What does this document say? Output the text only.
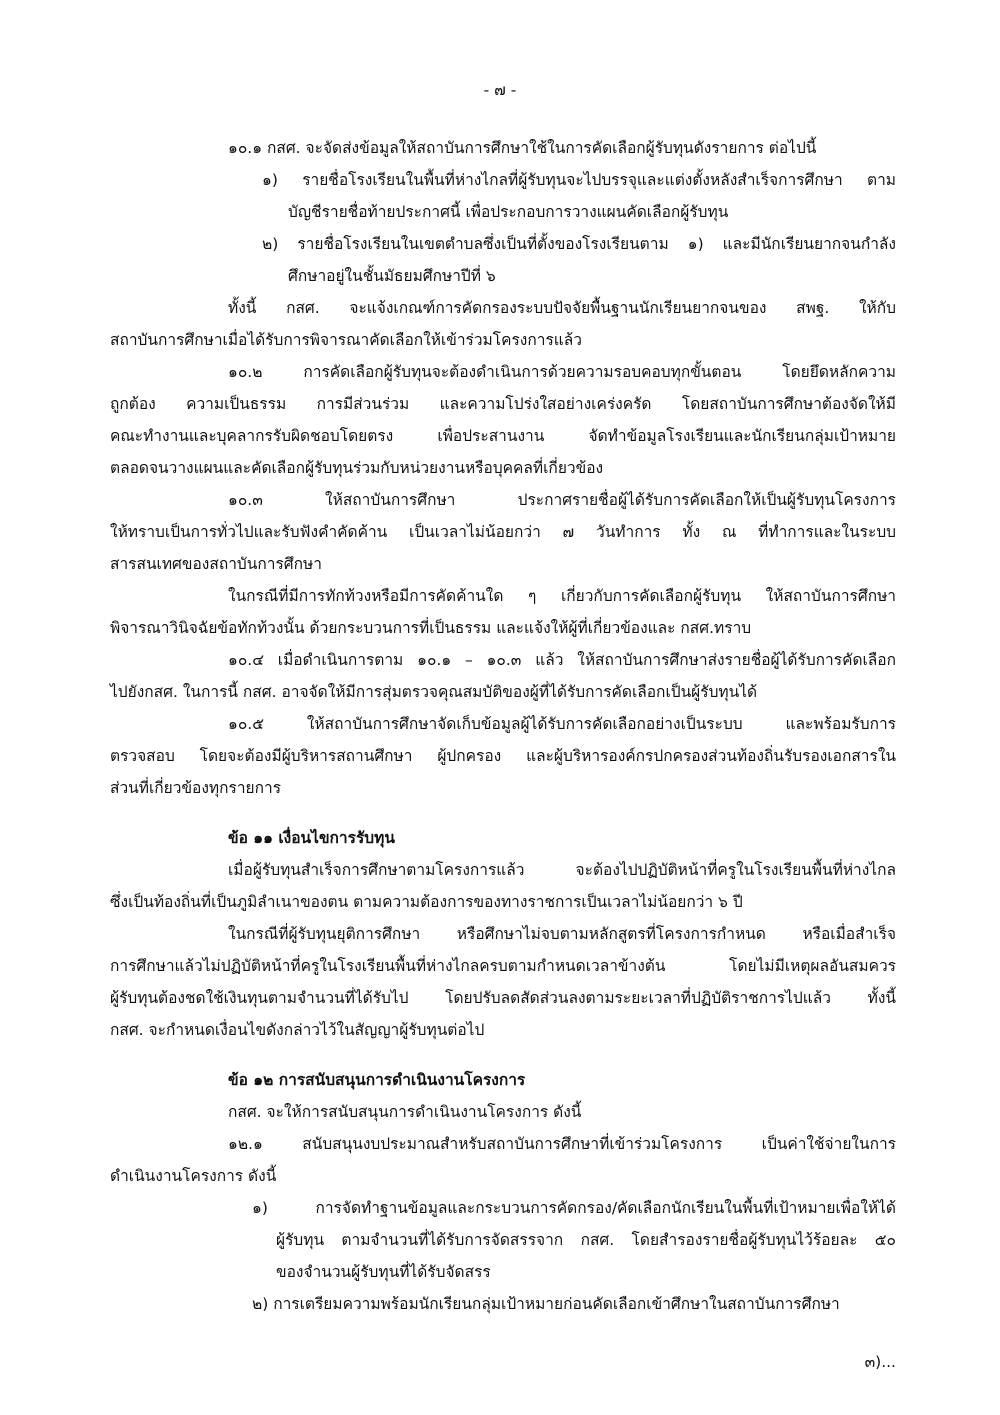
- ๗ -
๑๐.๑ กสศ. จะจัดส่งข้อมูลให้สถาบันการศึกษาใช้ในการคัดเลือกผู้รับทุนดังรายการ ต่อไปนี้
๑) รายชื่อโรงเรียนในพื้นที่ห่างไกลที่ผู้รับทุนจะไปบรรจุและแต่งตั้งหลังสำเร็จการศึกษา ตาม
บัญชีรายชื่อท้ายประกาศนี้ เพื่อประกอบการวางแผนคัดเลือกผู้รับทุน
๒) รายชื่อโรงเรียนในเขตตำบลซึ่งเป็นที่ตั้งของโรงเรียนตาม ๑) และมีนักเรียนยากจนกำลัง
ศึกษาอยู่ในชั้นมัธยมศึกษาปีที่ ๖
ทั้งนี้ กสศ. จะแจ้งเกณฑ์การคัดกรองระบบปัจจัยพื้นฐานนักเรียนยากจนของ สพฐ. ให้กับ
สถาบันการศึกษาเมื่อได้รับการพิจารณาคัดเลือกให้เข้าร่วมโครงการแล้ว
๑๐.๒ การคัดเลือกผู้รับทุนจะต้องดำเนินการด้วยความรอบคอบทุกขั้นตอน โดยยึดหลักความ
ถูกต้อง ความเป็นธรรม การมีส่วนร่วม และความโปร่งใสอย่างเคร่งครัด โดยสถาบันการศึกษาต้องจัดให้มี
คณะทำงานและบุคลากรรับผิดชอบโดยตรง เพื่อประสานงาน จัดทำข้อมูลโรงเรียนและนักเรียนกลุ่มเป้าหมาย
ตลอดจนวางแผนและคัดเลือกผู้รับทุนร่วมกับหน่วยงานหรือบุคคลที่เกี่ยวข้อง
๑๐.๓ ให้สถาบันการศึกษา ประกาศรายชื่อผู้ได้รับการคัดเลือกให้เป็นผู้รับทุนโครงการ
ให้ทราบเป็นการทั่วไปและรับฟังคำคัดค้าน เป็นเวลาไม่น้อยกว่า ๗ วันทำการ ทั้ง ณ ที่ทำการและในระบบ
สารสนเทศของสถาบันการศึกษา
ในกรณีที่มีการทักท้วงหรือมีการคัดค้านใด ๆ เกี่ยวกับการคัดเลือกผู้รับทุน ให้สถาบันการศึกษา
พิจารณาวินิจฉัยข้อทักท้วงนั้น ด้วยกระบวนการที่เป็นธรรม และแจ้งให้ผู้ที่เกี่ยวข้องและ กสศ.ทราบ
๑๐.๔ เมื่อดำเนินการตาม ๑๐.๑ – ๑๐.๓ แล้ว ให้สถาบันการศึกษาส่งรายชื่อผู้ได้รับการคัดเลือก
ไปยังกสศ. ในการนี้ กสศ. อาจจัดให้มีการสุ่มตรวจคุณสมบัติของผู้ที่ได้รับการคัดเลือกเป็นผู้รับทุนได้
๑๐.๕ ให้สถาบันการศึกษาจัดเก็บข้อมูลผู้ได้รับการคัดเลือกอย่างเป็นระบบ และพร้อมรับการ
ตรวจสอบ โดยจะต้องมีผู้บริหารสถานศึกษา ผู้ปกครอง และผู้บริหารองค์กรปกครองส่วนท้องถิ่นรับรองเอกสารใน
ส่วนที่เกี่ยวข้องทุกรายการ
ข้อ ๑๑ เงื่อนไขการรับทุน
เมื่อผู้รับทุนสำเร็จการศึกษาตามโครงการแล้ว จะต้องไปปฏิบัติหน้าที่ครูในโรงเรียนพื้นที่ห่างไกล
ซึ่งเป็นท้องถิ่นที่เป็นภูมิลำเนาของตน ตามความต้องการของทางราชการเป็นเวลาไม่น้อยกว่า ๖ ปี
ในกรณีที่ผู้รับทุนยุติการศึกษา หรือศึกษาไม่จบตามหลักสูตรที่โครงการกำหนด หรือเมื่อสำเร็จ
การศึกษาแล้วไม่ปฏิบัติหน้าที่ครูในโรงเรียนพื้นที่ห่างไกลครบตามกำหนดเวลาข้างต้น โดยไม่มีเหตุผลอันสมควร
ผู้รับทุนต้องชดใช้เงินทุนตามจำนวนที่ได้รับไป โดยปรับลดสัดส่วนลงตามระยะเวลาที่ปฏิบัติราชการไปแล้ว ทั้งนี้
กสศ. จะกำหนดเงื่อนไขดังกล่าวไว้ในสัญญาผู้รับทุนต่อไป
ข้อ ๑๒ การสนับสนุนการดำเนินงานโครงการ
กสศ. จะให้การสนับสนุนการดำเนินงานโครงการ ดังนี้
๑๒.๑ สนับสนุนงบประมาณสำหรับสถาบันการศึกษาที่เข้าร่วมโครงการ เป็นค่าใช้จ่ายในการ
ดำเนินงานโครงการ ดังนี้
๑) การจัดทำฐานข้อมูลและกระบวนการคัดกรอง/คัดเลือกนักเรียนในพื้นที่เป้าหมายเพื่อให้ได้
ผู้รับทุน ตามจำนวนที่ได้รับการจัดสรรจาก กสศ. โดยสำรองรายชื่อผู้รับทุนไว้ร้อยละ ๕๐
ของจำนวนผู้รับทุนที่ได้รับจัดสรร
๒) การเตรียมความพร้อมนักเรียนกลุ่มเป้าหมายก่อนคัดเลือกเข้าศึกษาในสถาบันการศึกษา
๓)...
